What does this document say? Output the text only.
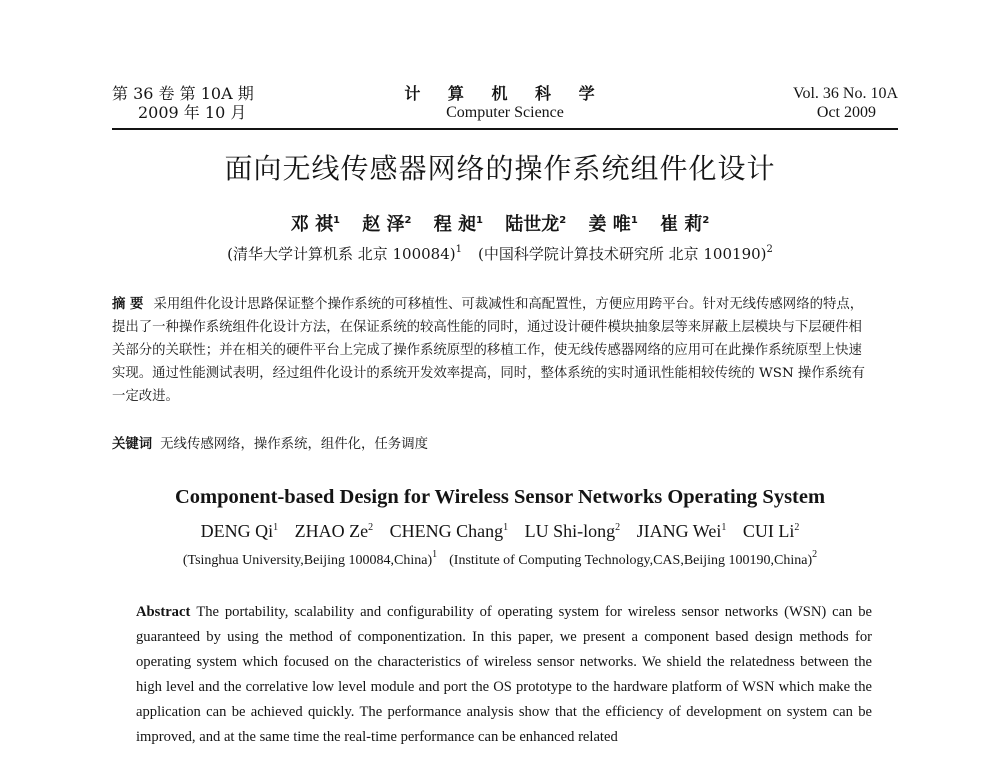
第 36 卷 第 10A 期
2009 年 10 月
计 算 机 科 学
Computer Science
Vol. 36 No. 10A
Oct 2009
面向无线传感器网络的操作系统组件化设计
邓 祺$^1$ 赵 泽$^2$ 程 昶$^1$ 陆世龙$^2$ 姜 唯$^1$ 崔 莉$^2$
(清华大学计算机系 北京 100084)$^1$ (中国科学院计算技术研究所 北京 100190)$^2$
摘 要 采用组件化设计思路保证整个操作系统的可移植性、可裁减性和高配置性，方便应用跨平台。针对无线传感网络的特点，提出了一种操作系统组件化设计方法，在保证系统的较高性能的同时，通过设计硬件模块抽象层等来屏蔽上层模块与下层硬件相关部分的关联性；并在相关的硬件平台上完成了操作系统原型的移植工作，使无线传感器网络的应用可在此操作系统原型上快速实现。通过性能测试表明，经过组件化设计的系统开发效率提高，同时，整体系统的实时通讯性能相较传统的 WSN 操作系统有一定改进。
关键词 无线传感网络，操作系统，组件化，任务调度
Component-based Design for Wireless Sensor Networks Operating System
DENG Qi$^1$ ZHAO Ze$^2$ CHENG Chang$^1$ LU Shi-long$^2$ JIANG Wei$^1$ CUI Li$^2$
(Tsinghua University,Beijing 100084,China)$^1$ (Institute of Computing Technology,CAS,Beijing 100190,China)$^2$
Abstract The portability, scalability and configurability of operating system for wireless sensor networks (WSN) can be guaranteed by using the method of componentization. In this paper, we present a component based design methods for operating system which focused on the characteristics of wireless sensor networks. We shield the relatedness between the high level and the correlative low level module and port the OS prototype to the hardware platform of WSN which make the application can be achieved quickly. The performance analysis show that the efficiency of development on system can be improved, and at the same time the real-time performance can be enhanced related
